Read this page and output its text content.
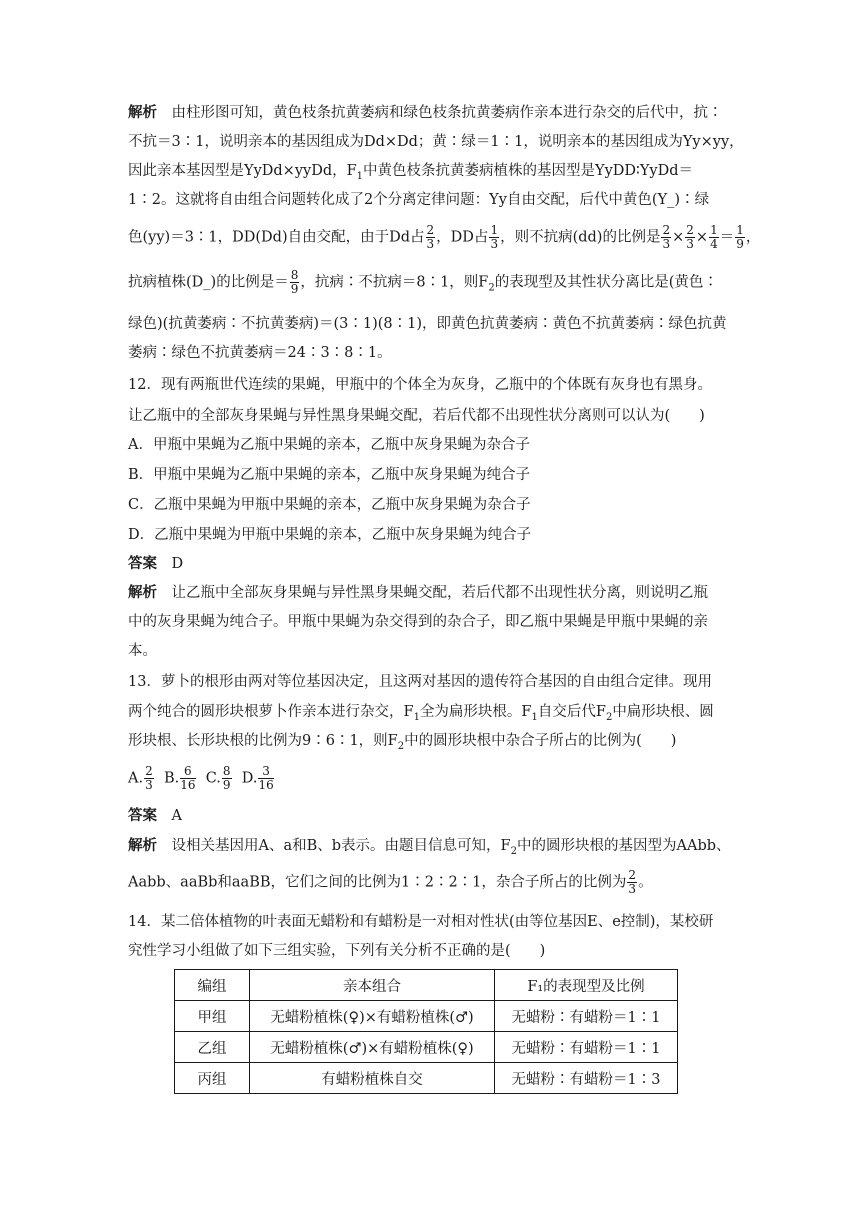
解析　 由柱形图可知，黄色枝条抗黄萎病和绿色枝条抗黄萎病作亲本进行杂交的后代中，抗∶
不抗＝3∶1，说明亲本的基因组成为Dd×Dd；黄∶绿＝1∶1，说明亲本的基因组成为Yy×yy，
因此亲本基因型是YyDd×yyDd，$F_1$中黄色枝条抗黄萎病植株的基因型是YyDD∶YyDd＝
1∶2。这就将自由组合问题转化成了2个分离定律问题：Yy自由交配，后代中黄色(Y_)∶绿
色(yy)＝3∶1，DD(Dd)自由交配，由于Dd占 $\frac{2}{3}$ ，DD占 $\frac{1}{3}$ ，则不抗病(dd)的比例是 $\frac{2}{3} \times \frac{2}{3} \times \frac{1}{4} = \frac{1}{9}$ ，
抗病植株(D_)的比例是＝ $\frac{8}{9}$ ，抗病∶不抗病＝8∶1，则$F_2$的表现型及其性状分离比是(黄色∶
绿色)(抗黄萎病∶不抗黄萎病)＝(3∶1)(8∶1)，即黄色抗黄萎病∶黄色不抗黄萎病∶绿色抗黄
萎病∶绿色不抗黄萎病＝24∶3∶8∶1。
12．现有两瓶世代连续的果蝇，甲瓶中的个体全为灰身，乙瓶中的个体既有灰身也有黑身。
让乙瓶中的全部灰身果蝇与异性黑身果蝇交配，若后代都不出现性状分离则可以认为(　　)
A．甲瓶中果蝇为乙瓶中果蝇的亲本，乙瓶中灰身果蝇为杂合子
B．甲瓶中果蝇为乙瓶中果蝇的亲本，乙瓶中灰身果蝇为纯合子
C．乙瓶中果蝇为甲瓶中果蝇的亲本，乙瓶中灰身果蝇为杂合子
D．乙瓶中果蝇为甲瓶中果蝇的亲本，乙瓶中灰身果蝇为纯合子
答案　 D
解析　 让乙瓶中全部灰身果蝇与异性黑身果蝇交配，若后代都不出现性状分离，则说明乙瓶
中的灰身果蝇为纯合子。甲瓶中果蝇为杂交得到的杂合子，即乙瓶中果蝇是甲瓶中果蝇的亲
本。
13．萝卜的根形由两对等位基因决定，且这两对基因的遗传符合基因的自由组合定律。现用
两个纯合的圆形块根萝卜作亲本进行杂交，$F_1$全为扁形块根。$F_1$自交后代$F_2$中扁形块根、圆
形块根、长形块根的比例为9∶6∶1，则$F_2$中的圆形块根中杂合子所占的比例为(　　)
A. $\frac{2}{3} B$. $\frac{6}{16} C$. $\frac{8}{9} D$. $\frac{3}{16}$
答案　 A
解析　 设相关基因用A、a和B、b表示。由题目信息可知，$F_2$中的圆形块根的基因型为AAbb、
Aabb、aaBb和aaBB，它们之间的比例为1∶2∶2∶1，杂合子所占的比例为 $\frac{2}{3}$ 。
14．某二倍体植物的叶表面无蜡粉和有蜡粉是一对相对性状(由等位基因E、e控制)，某校研
究性学习小组做了如下三组实验，下列有关分析不正确的是(　　)
编组	亲本组合	F₁的表现型及比例
甲组	无蜡粉植株(♀)×有蜡粉植株(♂)	无蜡粉∶有蜡粉＝1∶1
乙组	无蜡粉植株(♂)×有蜡粉植株(♀)	无蜡粉∶有蜡粉＝1∶1
丙组	有蜡粉植株自交	无蜡粉∶有蜡粉＝1∶3
